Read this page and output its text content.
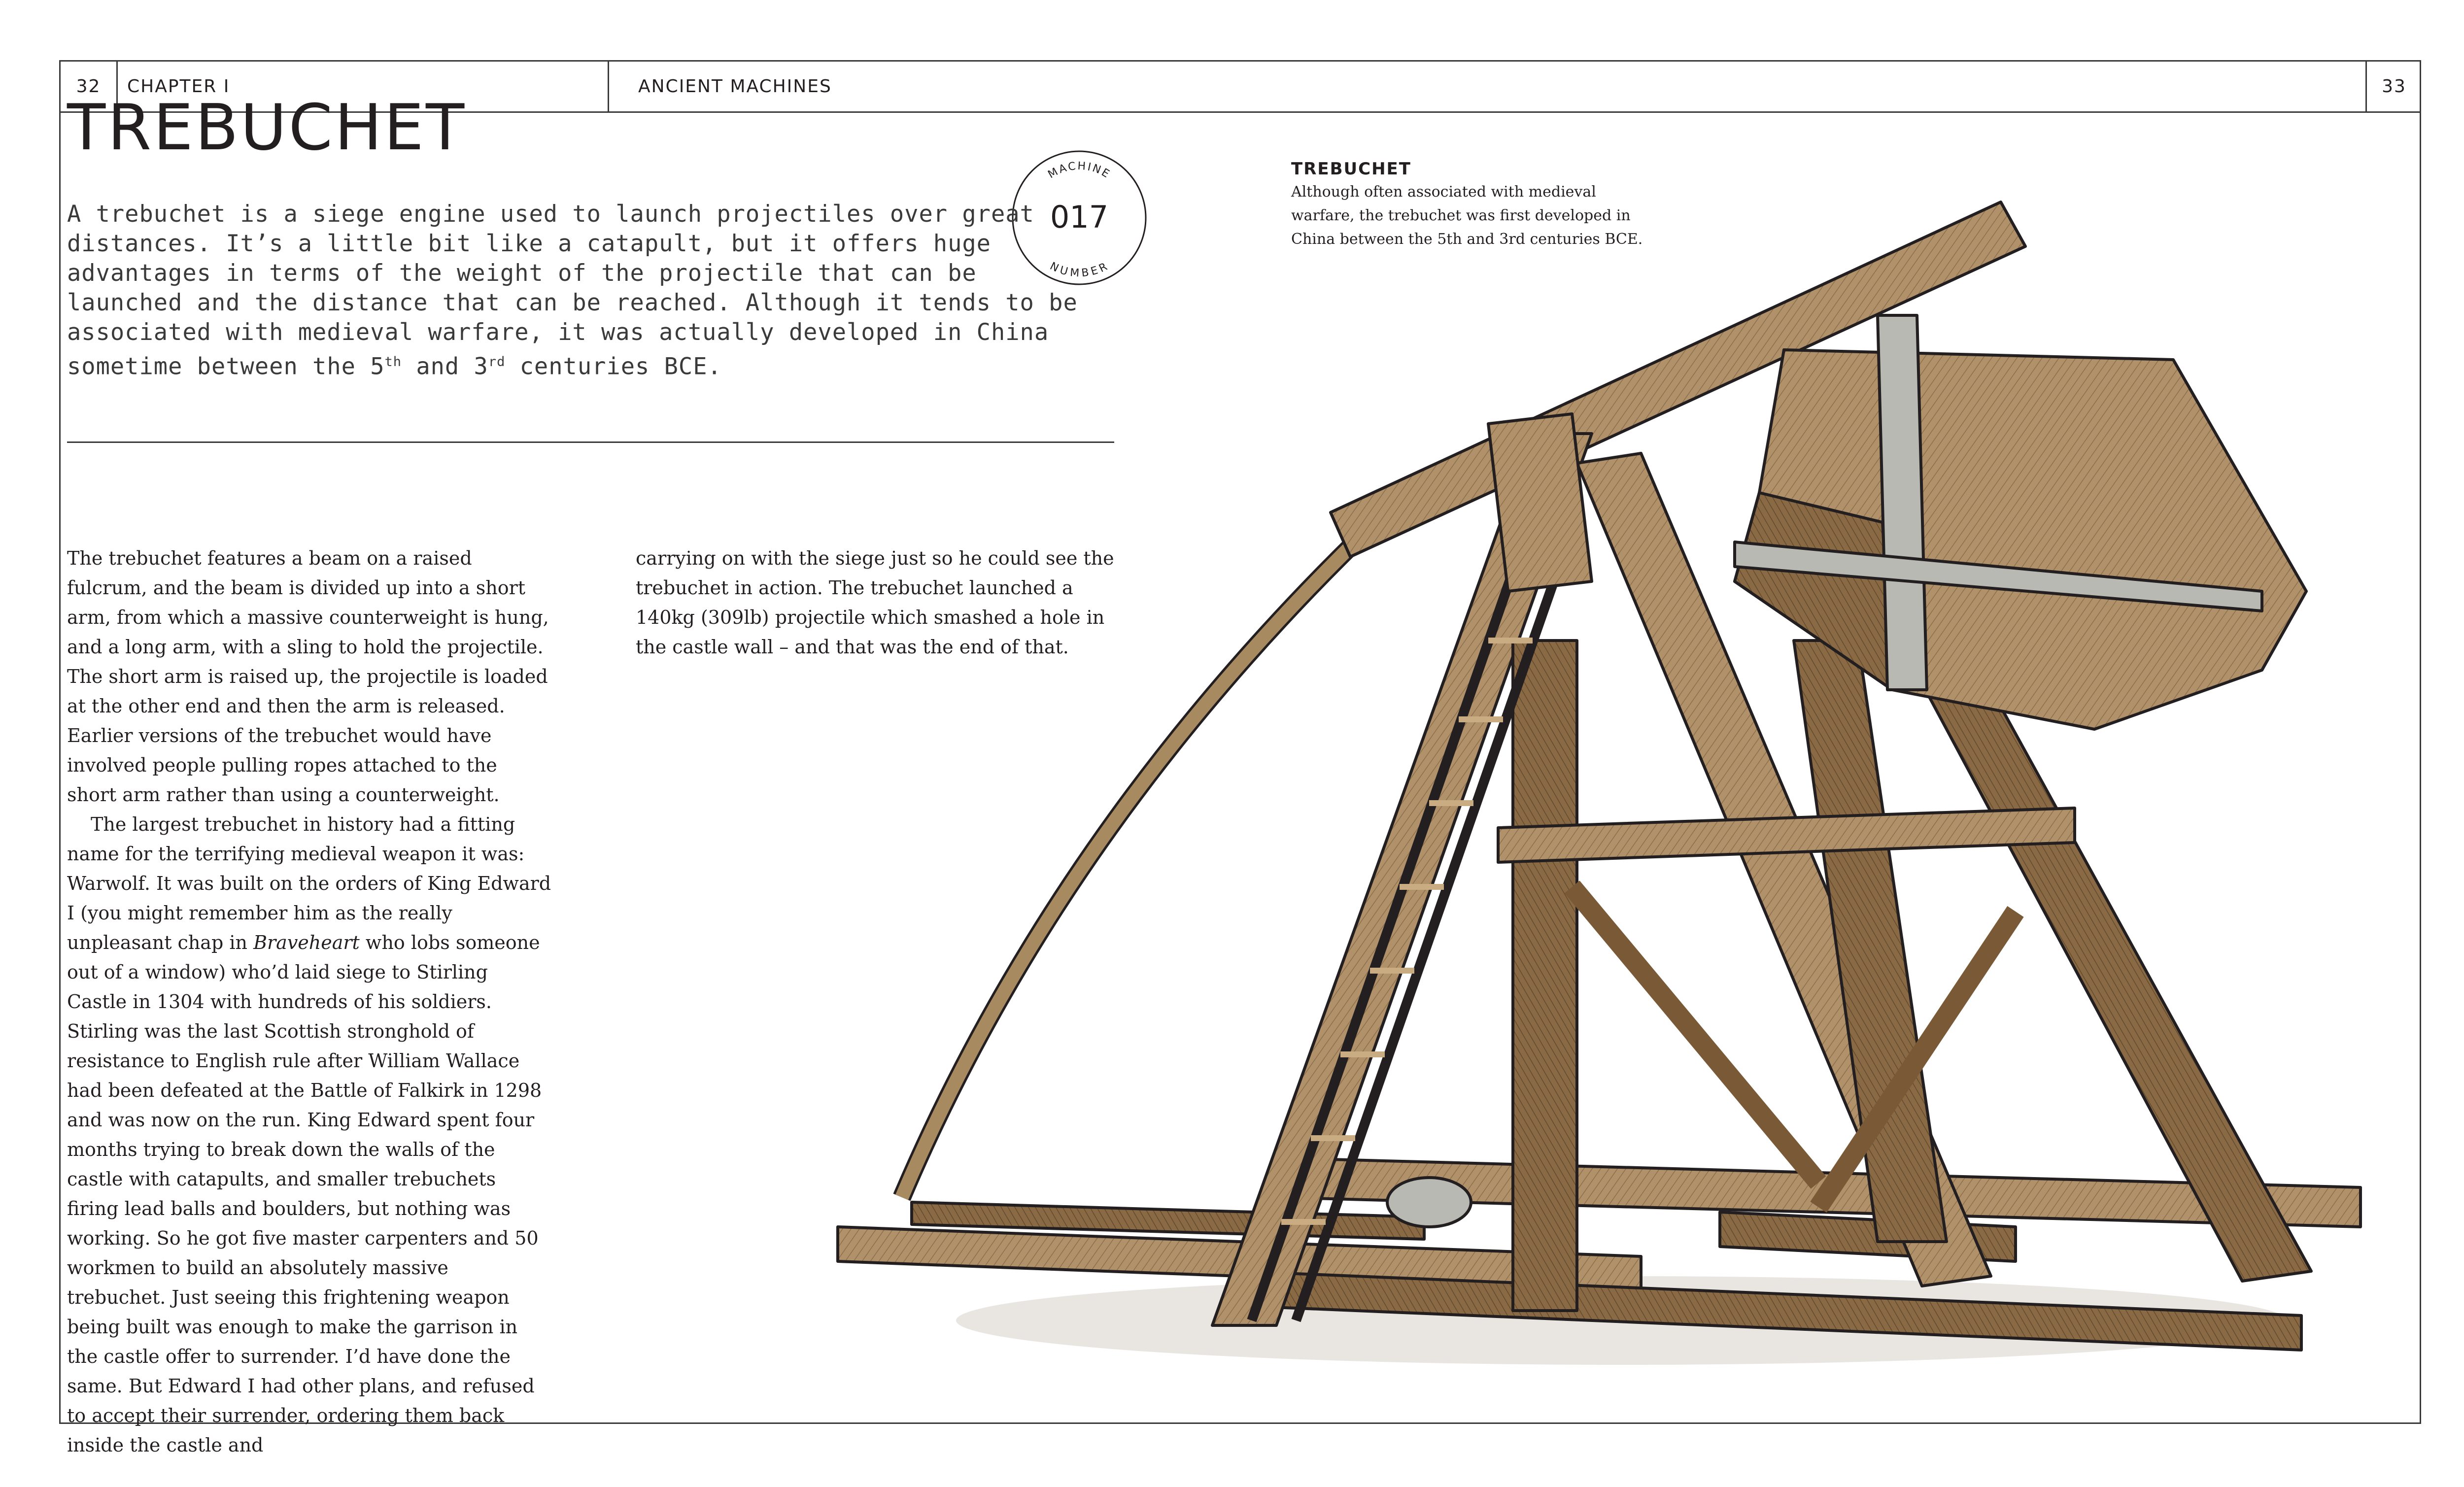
32	CHAPTER I	ANCIENT MACHINES	33
TREBUCHET
MACHINE
NUMBER
017

A trebuchet is a siege engine used to launch projectiles over great distances. It’s a little bit like a catapult, but it offers huge advantages in terms of the weight of the projectile that can be launched and the distance that can be reached. Although it tends to be associated with medieval warfare, it was actually developed in China sometime between the 5th and 3rd centuries BCE.

The trebuchet features a beam on a raised fulcrum, and the beam is divided up into a short arm, from which a massive counterweight is hung, and a long arm, with a sling to hold the projectile. The short arm is raised up, the projectile is loaded at the other end and then the arm is released. Earlier versions of the trebuchet would have involved people pulling ropes attached to the short arm rather than using a counterweight.

The largest trebuchet in history had a fitting name for the terrifying medieval weapon it was: Warwolf. It was built on the orders of King Edward I (you might remember him as the really unpleasant chap in Braveheart who lobs someone out of a window) who’d laid siege to Stirling Castle in 1304 with hundreds of his soldiers. Stirling was the last Scottish stronghold of resistance to English rule after William Wallace had been defeated at the Battle of Falkirk in 1298 and was now on the run. King Edward spent four months trying to break down the walls of the castle with catapults, and smaller trebuchets firing lead balls and boulders, but nothing was working. So he got five master carpenters and 50 workmen to build an absolutely massive trebuchet. Just seeing this frightening weapon being built was enough to make the garrison in the castle offer to surrender. I’d have done the same. But Edward I had other plans, and refused to accept their surrender, ordering them back inside the castle and

carrying on with the siege just so he could see the trebuchet in action. The trebuchet launched a 140kg (309lb) projectile which smashed a hole in the castle wall – and that was the end of that.

TREBUCHET
Although often associated with medieval warfare, the trebuchet was first developed in China between the 5th and 3rd centuries BCE.
